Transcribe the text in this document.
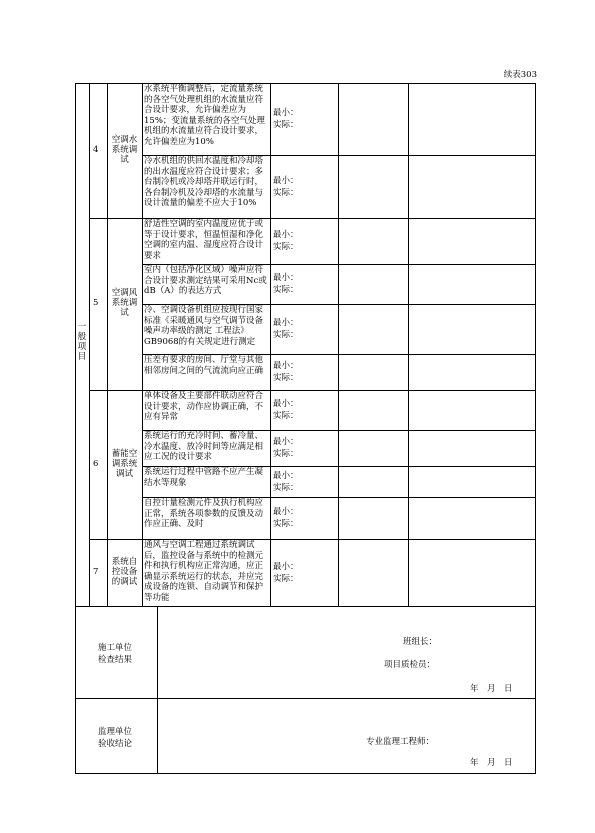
续表303
一
般
项
目
施工单位
检查结果
班组长：
项目质检员：
年　月　日
监理单位
验收结论	专业监理工程师：
年　月　日
4
空调水
系统调
试
水系统平衡调整后，定流量系统的各空气处理机组的水流量应符合设计要求，允许偏差应为15%；变流量系统的各空气处理机组的水流量应符合设计要求，允许偏差应为10%
最小：
实际：
冷水机组的供回水温度和冷却塔的出水温度应符合设计要求；多台制冷机或冷却塔并联运行时，各台制冷机及冷却塔的水流量与设计流量的偏差不应大于10%
最小：
实际：
5
空调风
系统调
试
舒适性空调的室内温度应优于或等于设计要求，恒温恒湿和净化空调的室内温、湿度应符合设计要求
最小：
实际：
室内（包括净化区域）噪声应符合设计要求测定结果可采用Nc或dB（A）的表达方式
最小：
实际：
冷、空调设备机组应按现行国家标准《采暖通风与空气调节设备噪声功率级的测定 工程法》GB9068的有关规定进行测定
最小：
实际：
压差有要求的房间、厅堂与其他相邻房间之间的气流流向应正确	最小：
实际：
6
蓄能空
调系统
调试
单体设备及主要部件联动应符合设计要求，动作应协调正确，不应有异常
最小：
实际：
系统运行的充冷时间、蓄冷量、冷水温度、放冷时间等应满足相应工况的设计要求
最小：
实际：
系统运行过程中管路不应产生凝结水等现象
最小：
实际：
自控计量检测元件及执行机构应正常，系统各项参数的反馈及动作应正确、及时
最小：
实际：
7
系统自
控设备
的调试
通风与空调工程通过系统调试后，监控设备与系统中的检测元件和执行机构应正常沟通，应正确显示系统运行的状态，并应完成设备的连锁、自动调节和保护等功能
最小：
实际：
